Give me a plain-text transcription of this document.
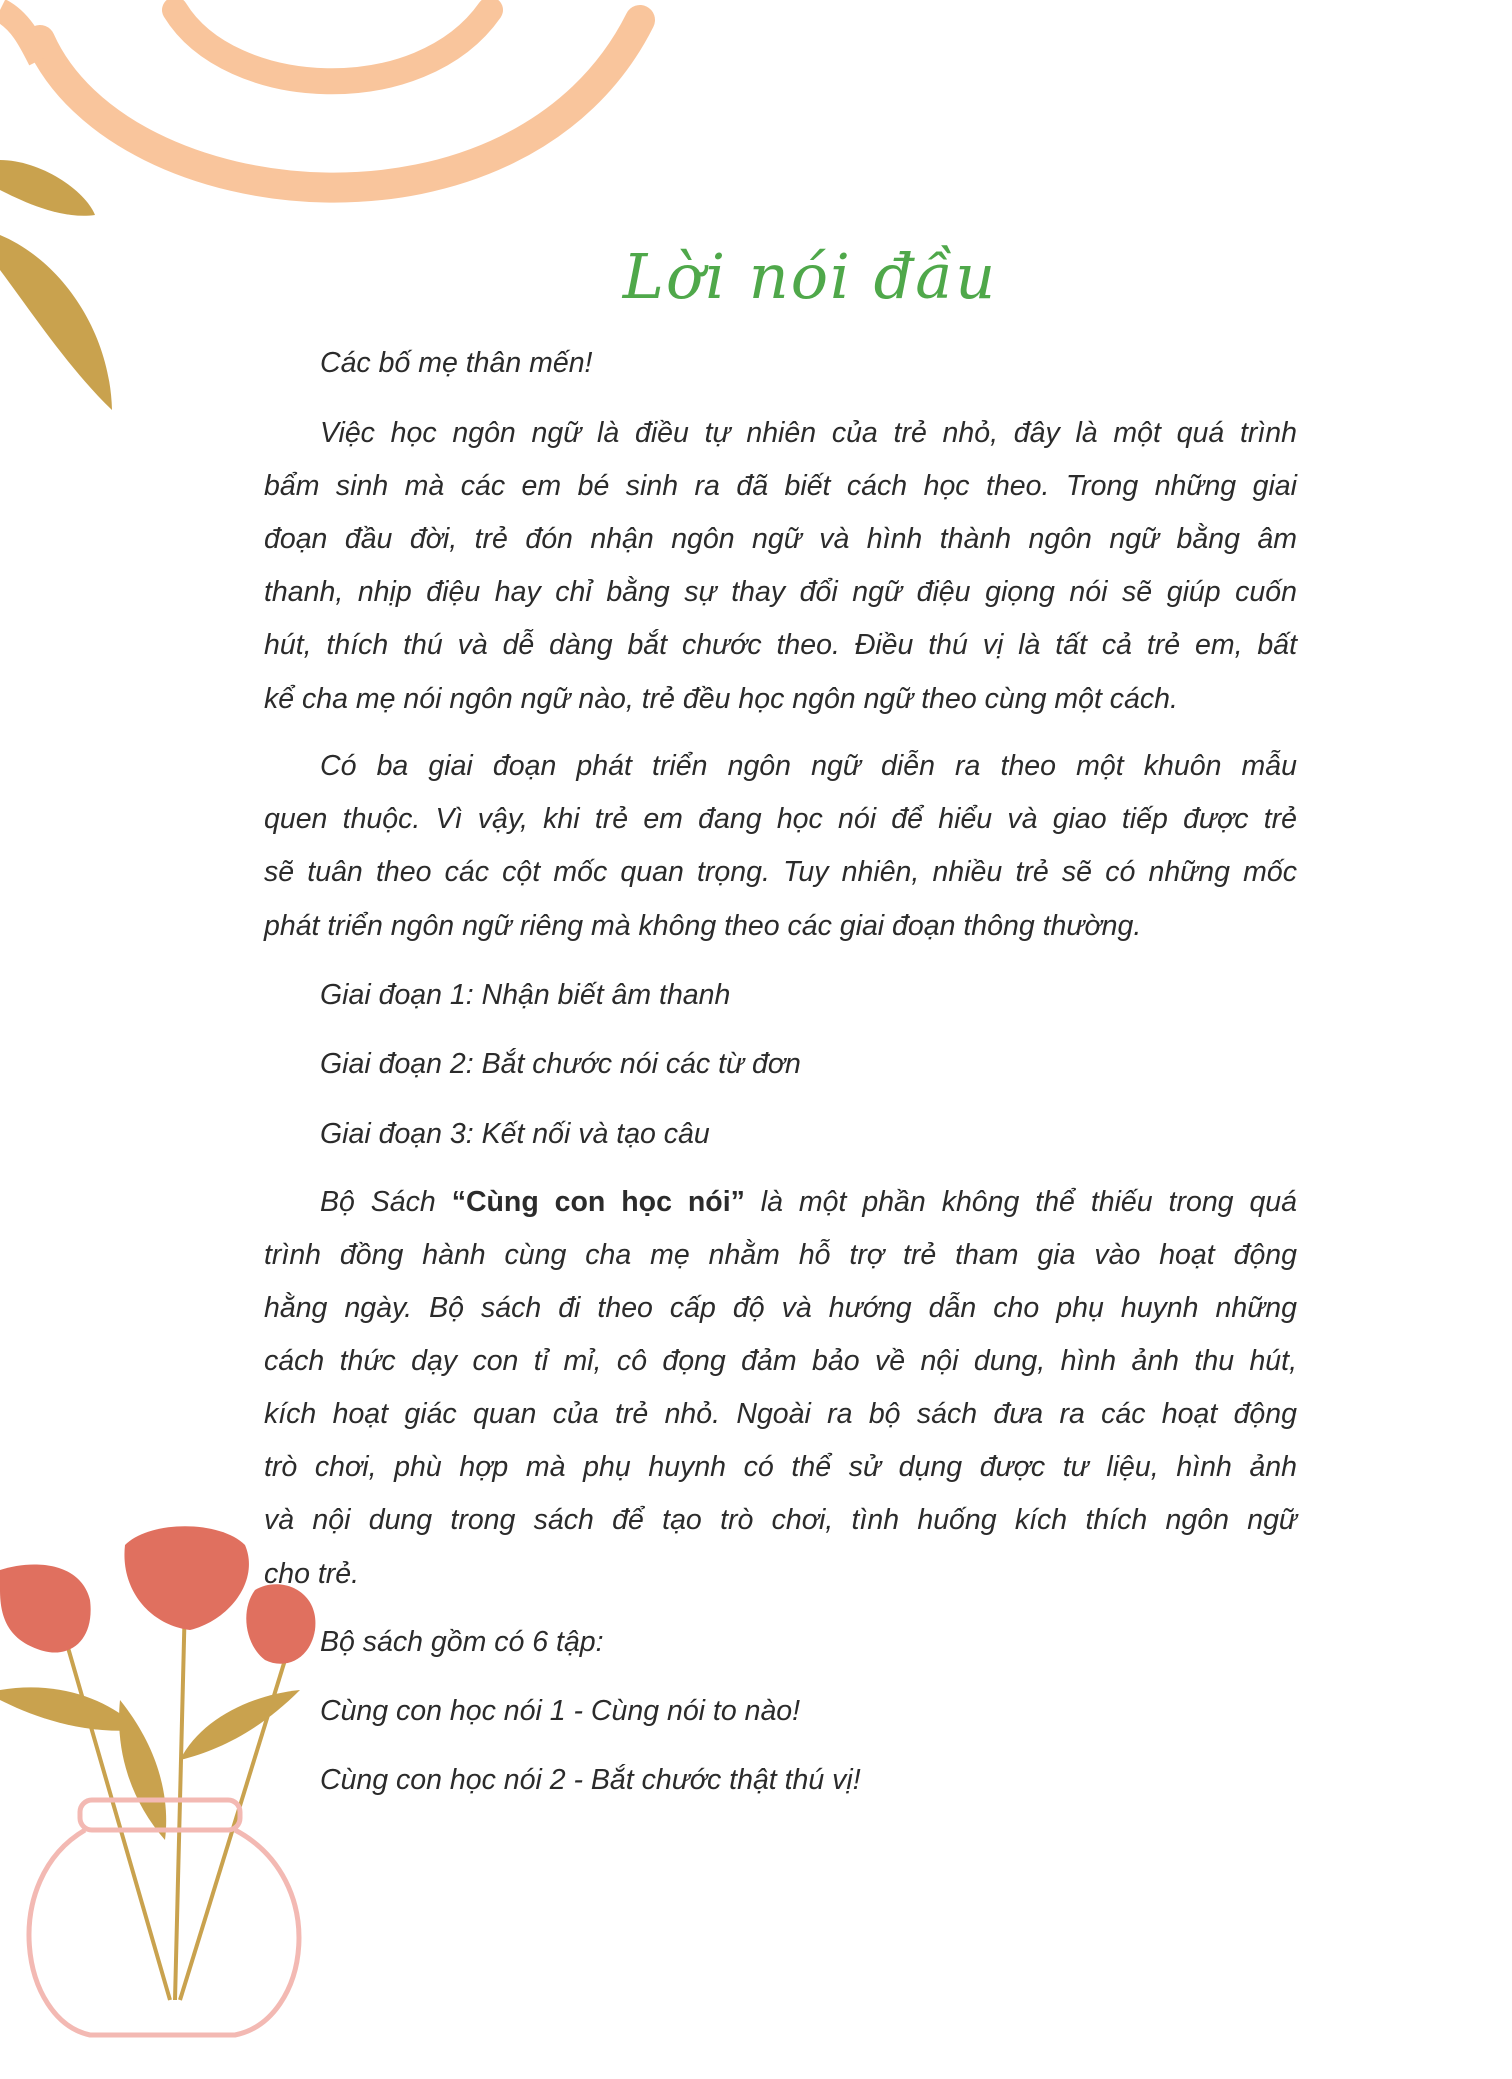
Lời nói đầu
Các bố mẹ thân mến!
Việc học ngôn ngữ là điều tự nhiên của trẻ nhỏ, đây là một quá trình
bẩm sinh mà các em bé sinh ra đã biết cách học theo. Trong những giai
đoạn đầu đời, trẻ đón nhận ngôn ngữ và hình thành ngôn ngữ bằng âm
thanh, nhịp điệu hay chỉ bằng sự thay đổi ngữ điệu giọng nói sẽ giúp cuốn
hút, thích thú và dễ dàng bắt chước theo. Điều thú vị là tất cả trẻ em, bất
kể cha mẹ nói ngôn ngữ nào, trẻ đều học ngôn ngữ theo cùng một cách.
Có ba giai đoạn phát triển ngôn ngữ diễn ra theo một khuôn mẫu
quen thuộc. Vì vậy, khi trẻ em đang học nói để hiểu và giao tiếp được trẻ
sẽ tuân theo các cột mốc quan trọng. Tuy nhiên, nhiều trẻ sẽ có những mốc
phát triển ngôn ngữ riêng mà không theo các giai đoạn thông thường.
Giai đoạn 1: Nhận biết âm thanh
Giai đoạn 2: Bắt chước nói các từ đơn
Giai đoạn 3: Kết nối và tạo câu
Bộ Sách “Cùng con học nói” là một phần không thể thiếu trong quá
trình đồng hành cùng cha mẹ nhằm hỗ trợ trẻ tham gia vào hoạt động
hằng ngày. Bộ sách đi theo cấp độ và hướng dẫn cho phụ huynh những
cách thức dạy con tỉ mỉ, cô đọng đảm bảo về nội dung, hình ảnh thu hút,
kích hoạt giác quan của trẻ nhỏ. Ngoài ra bộ sách đưa ra các hoạt động
trò chơi, phù hợp mà phụ huynh có thể sử dụng được tư liệu, hình ảnh
và nội dung trong sách để tạo trò chơi, tình huống kích thích ngôn ngữ
cho trẻ.
Bộ sách gồm có 6 tập:
Cùng con học nói 1 - Cùng nói to nào!
Cùng con học nói 2 - Bắt chước thật thú vị!
